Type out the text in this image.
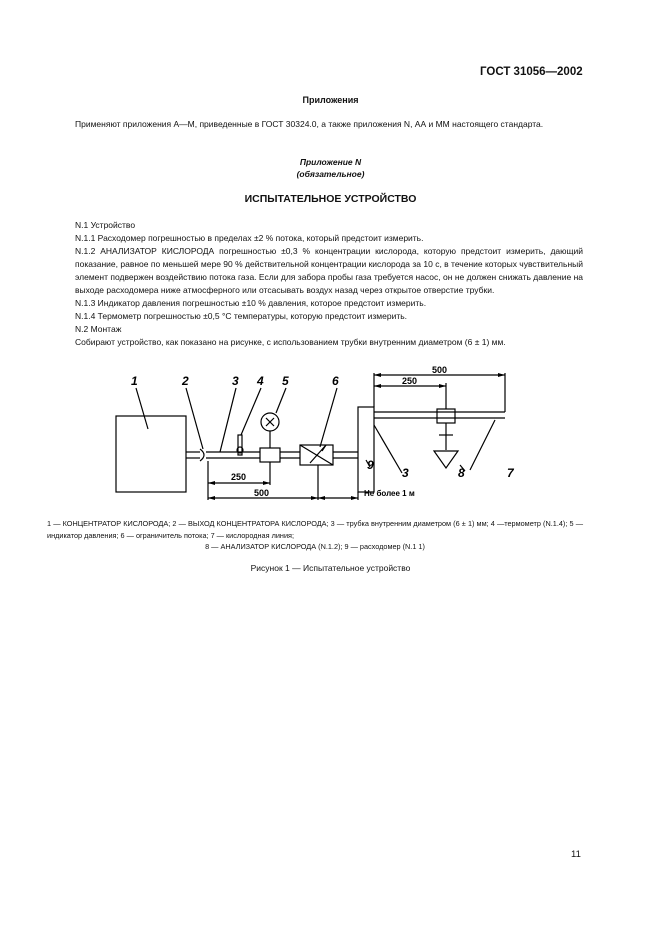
ГОСТ 31056—2002
Приложения
Применяют приложения А—М, приведенные в ГОСТ 30324.0, а также приложения N, АА и ММ настоящего стандарта.
Приложение N
(обязательное)
ИСПЫТАТЕЛЬНОЕ УСТРОЙСТВО

N.1 Устройство

N.1.1 Расходомер погрешностью в пределах ±2 % потока, который предстоит измерить.

N.1.2 АНАЛИЗАТОР КИСЛОРОДА погрешностью ±0,3 % концентрации кислорода, которую предстоит измерить, дающий показание, равное по меньшей мере 90 % действительной концентрации кислорода за 10 с, в течение которых чувствительный элемент подвержен воздействию потока газа. Если для забора пробы газа требуется насос, он не должен снижать давление на выходе расходомера ниже атмосферного или отсасывать воздух назад через открытое отверстие трубки.

N.1.3 Индикатор давления погрешностью ±10 % давления, которое предстоит измерить.

N.1.4 Термометр погрешностью ±0,5 °С температуры, которую предстоит измерить.

N.2 Монтаж

Собирают устройство, как показано на рисунке, с использованием трубки внутренним диаметром (6 ± 1) мм.

1	2	3 4 5	6
7
8
9
3
500
250
250
500	Не более 1 м
1 — КОНЦЕНТРАТОР КИСЛОРОДА; 2 — ВЫХОД КОНЦЕНТРАТОРА КИСЛОРОДА; 3 — трубка внутренним диаметром (6 ± 1) мм; 4 —термометр (N.1.4); 5 — индикатор давления; 6 — ограничитель потока; 7 — кислородная линия;
8 — АНАЛИЗАТОР КИСЛОРОДА (N.1.2); 9 — расходомер (N.1 1)
Рисунок 1 — Испытательное устройство
11
